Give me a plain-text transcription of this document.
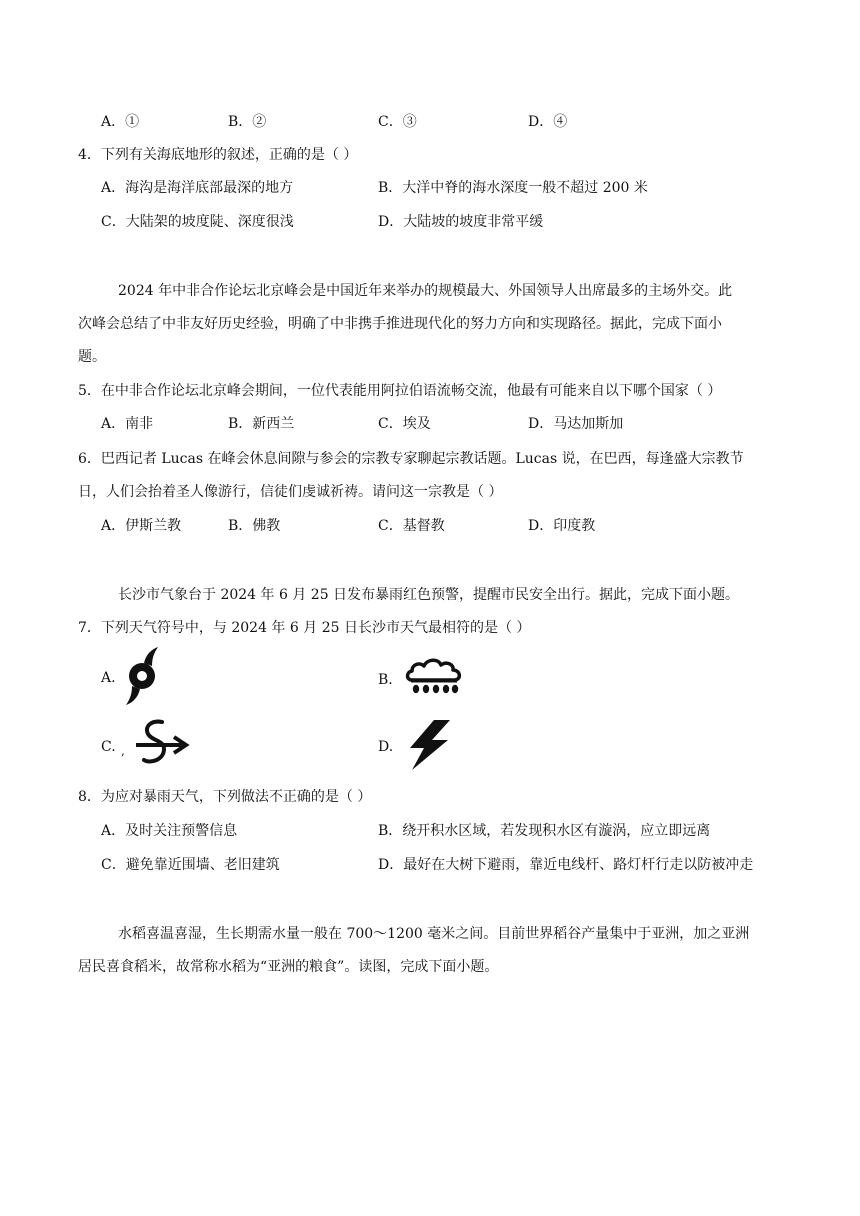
A．①	B．②	C．③	D．④
4．下列有关海底地形的叙述，正确的是（ ）
A．海沟是海洋底部最深的地方	B．大洋中脊的海水深度一般不超过 200 米
C．大陆架的坡度陡、深度很浅	D．大陆坡的坡度非常平缓
2024 年中非合作论坛北京峰会是中国近年来举办的规模最大、外国领导人出席最多的主场外交。此
次峰会总结了中非友好历史经验，明确了中非携手推进现代化的努力方向和实现路径。据此，完成下面小
题。
5．在中非合作论坛北京峰会期间，一位代表能用阿拉伯语流畅交流，他最有可能来自以下哪个国家（ ）
A．南非	B．新西兰	C．埃及	D．马达加斯加
6．巴西记者 Lucas 在峰会休息间隙与参会的宗教专家聊起宗教话题。Lucas 说，在巴西，每逢盛大宗教节
日，人们会抬着圣人像游行，信徒们虔诚祈祷。请问这一宗教是（ ）
A．伊斯兰教	B．佛教	C．基督教	D．印度教
长沙市气象台于 2024 年 6 月 25 日发布暴雨红色预警，提醒市民安全出行。据此，完成下面小题。
7．下列天气符号中，与 2024 年 6 月 25 日长沙市天气最相符的是（ ）
A.	B.
C. ,	D.
8．为应对暴雨天气，下列做法不正确的是（ ）
A．及时关注预警信息	B．绕开积水区域，若发现积水区有漩涡，应立即远离
C．避免靠近围墙、老旧建筑	D．最好在大树下避雨，靠近电线杆、路灯杆行走以防被冲走
水稻喜温喜湿，生长期需水量一般在 700～1200 毫米之间。目前世界稻谷产量集中于亚洲，加之亚洲
居民喜食稻米，故常称水稻为“亚洲的粮食”。读图，完成下面小题。
